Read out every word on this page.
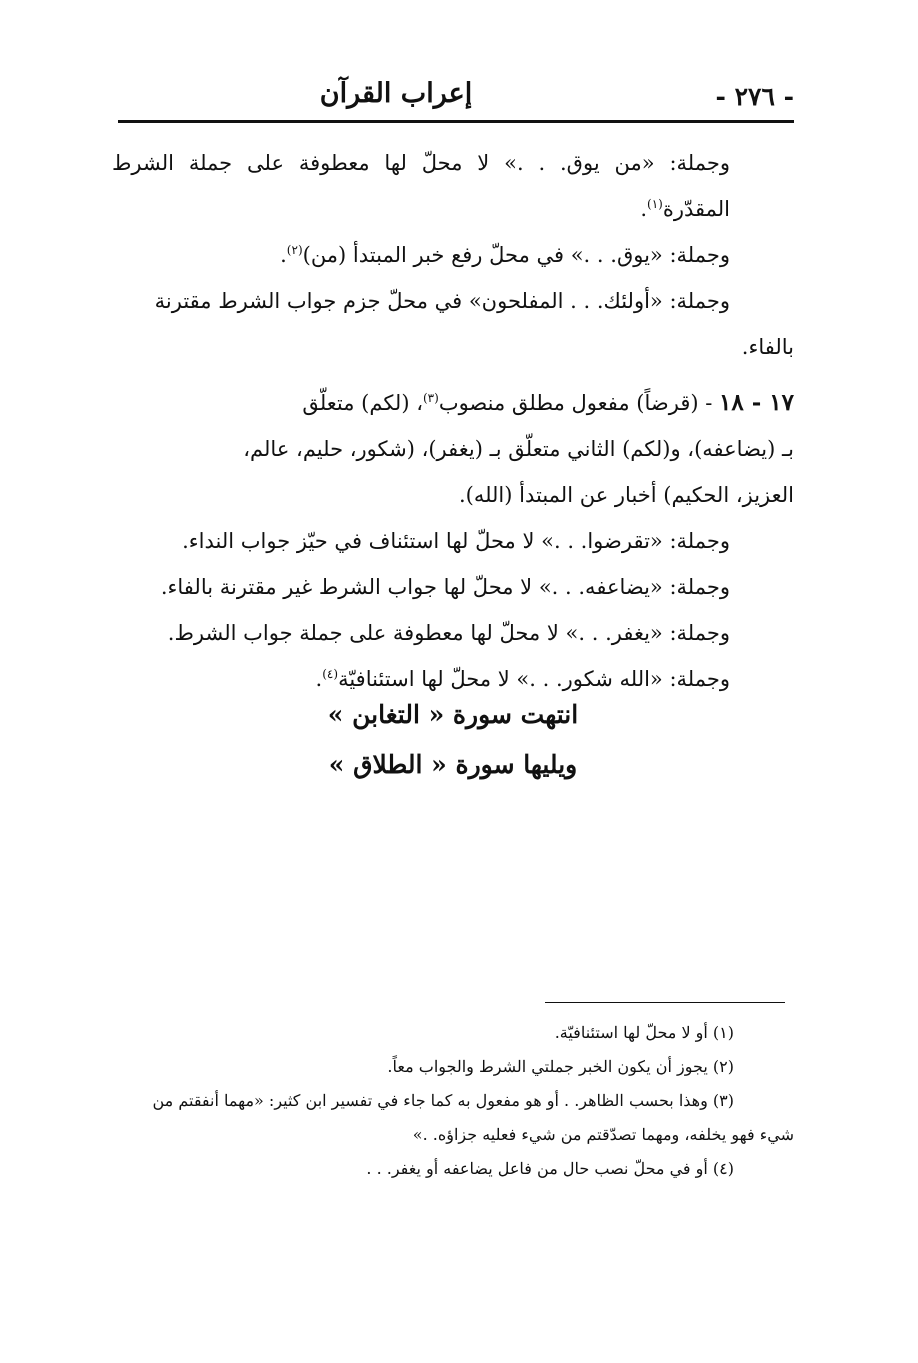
- ٢٧٦ -
إعراب القرآن

وجملة: «من يوق. . .» لا محلّ لها معطوفة على جملة الشرط المقدّرة$^{(١)}$.

وجملة: «يوق. . .» في محلّ رفع خبر المبتدأ (من)$^{(٢)}$.

وجملة: «أولئك. . . المفلحون» في محلّ جزم جواب الشرط مقترنة

بالفاء.

١٧ - ١٨ - (قرضاً) مفعول مطلق منصوب$^{(٣)}$، (لكم) متعلّق

بـ (يضاعفه)، و(لكم) الثاني متعلّق بـ (يغفر)، (شكور، حليم، عالم،

العزيز، الحكيم) أخبار عن المبتدأ (الله).

وجملة: «تقرضوا. . .» لا محلّ لها استئناف في حيّز جواب النداء.

وجملة: «يضاعفه. . .» لا محلّ لها جواب الشرط غير مقترنة بالفاء.

وجملة: «يغفر. . .» لا محلّ لها معطوفة على جملة جواب الشرط.

وجملة: «الله شكور. . .» لا محلّ لها استئنافيّة$^{(٤)}$.

انتهت سورة « التغابن »

ويليها سورة « الطلاق »

(١) أو لا محلّ لها استئنافيّة.

(٢) يجوز أن يكون الخبر جملتي الشرط والجواب معاً.

(٣) وهذا بحسب الظاهر. . أو هو مفعول به كما جاء في تفسير ابن كثير: «مهما أنفقتم من

شيء فهو يخلفه، ومهما تصدّقتم من شيء فعليه جزاؤه. .»

(٤) أو في محلّ نصب حال من فاعل يضاعفه أو يغفر. . .
